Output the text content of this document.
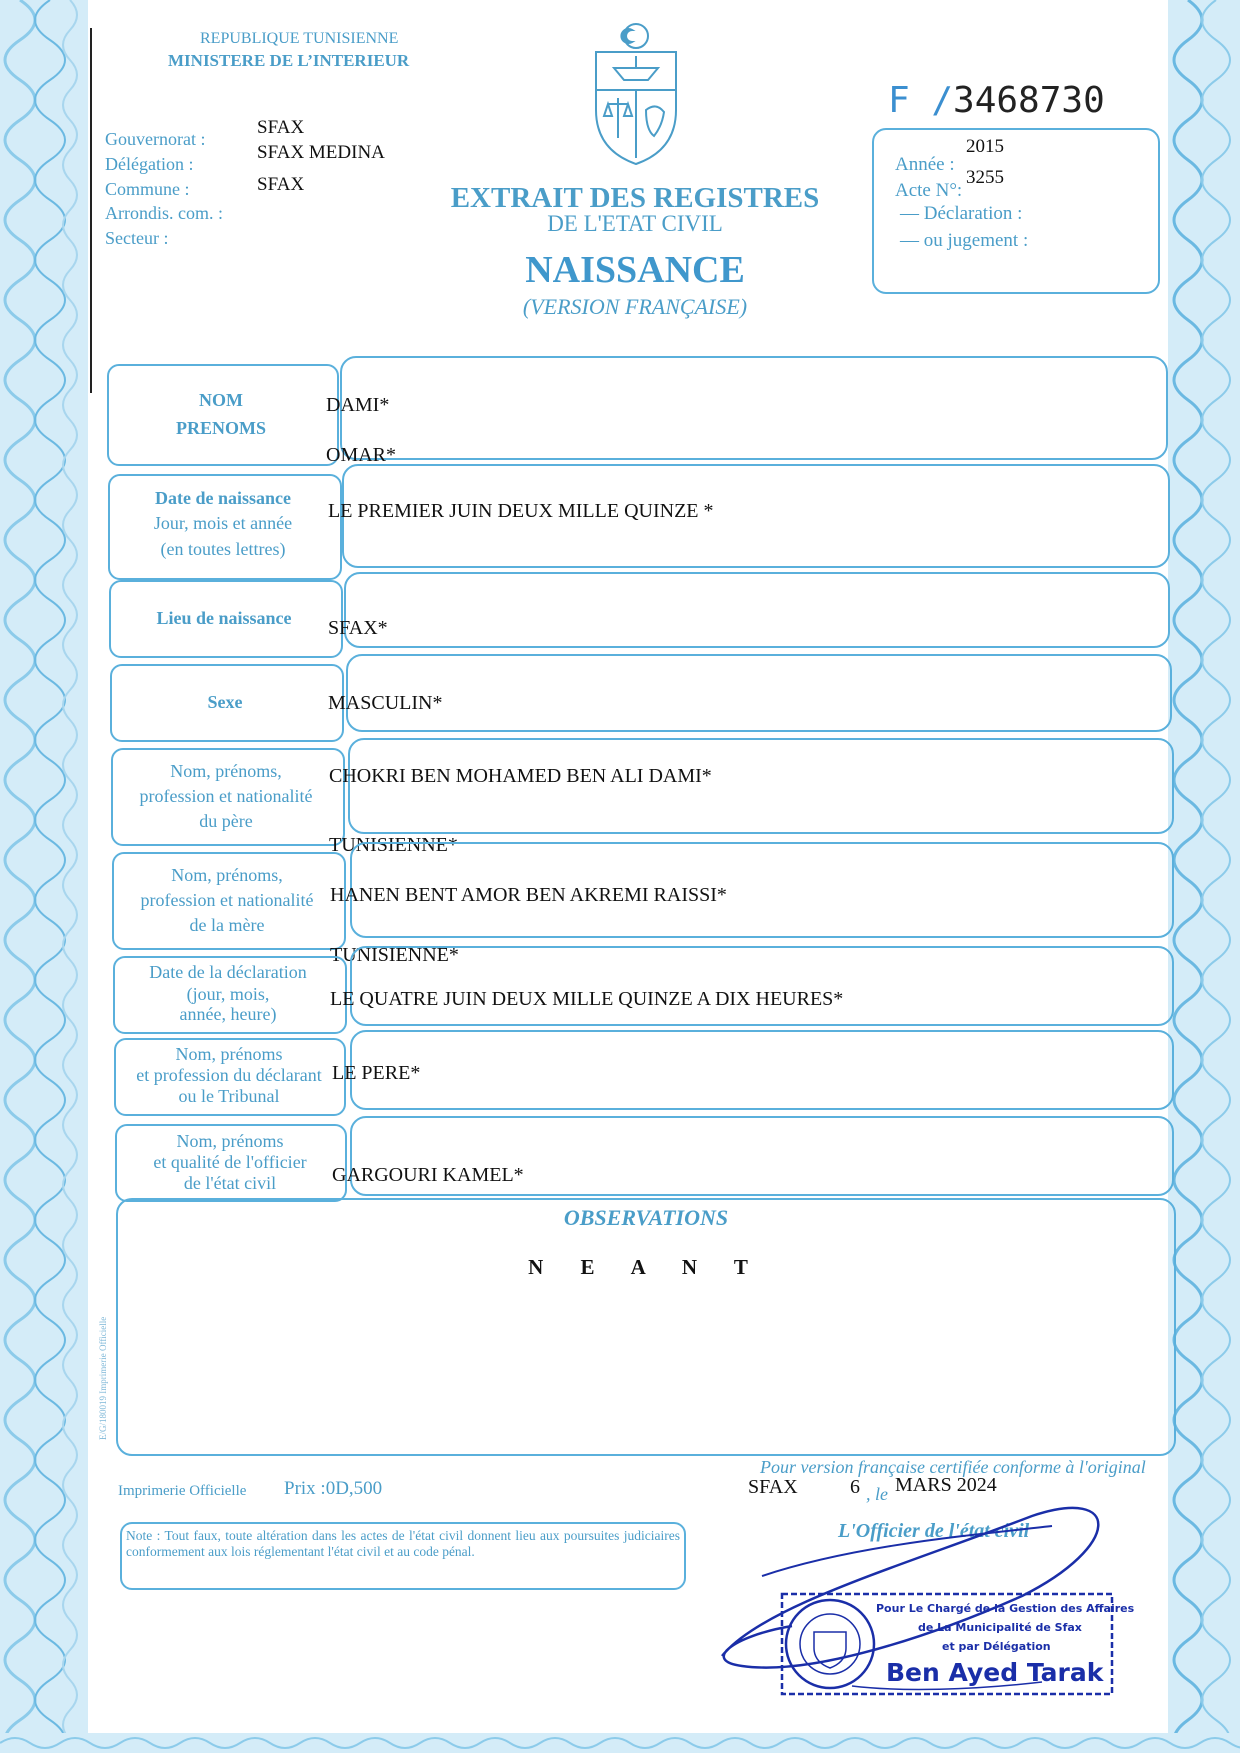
REPUBLIQUE TUNISIENNE
MINISTERE DE L’INTERIEUR
Gouvernorat :
SFAX
Délégation :
SFAX MEDINA
Commune :	SFAX
Arrondis. com. :
Secteur :
F /3468730
Année :
2015
Acte N°:
3255
— Déclaration :
— ou jugement :
EXTRAIT DES REGISTRES
DE L'ETAT CIVIL
NAISSANCE
(VERSION FRANÇAISE)
NOM
PRENOMS
DAMI*
OMAR*
Date de naissance
Jour, mois et année
(en toutes lettres)
LE PREMIER JUIN DEUX MILLE QUINZE *
Lieu de naissance	SFAX*
Sexe	MASCULIN*
Nom, prénoms,
profession et nationalité
du père
CHOKRI BEN MOHAMED BEN ALI DAMI*
TUNISIENNE*
Nom, prénoms,
profession et nationalité
de la mère
HANEN BENT AMOR BEN AKREMI RAISSI*
TUNISIENNE*
Date de la déclaration
(jour, mois,
année, heure)
LE QUATRE JUIN DEUX MILLE QUINZE A DIX HEURES*
Nom, prénoms
et profession du déclarant
ou le Tribunal
LE PERE*
Nom, prénoms
et qualité de l'officier
de l'état civil	GARGOURI KAMEL*
OBSERVATIONS
N E A N T
E/G/180019 Imprimerie Officielle
Imprimerie Officielle Prix :0D,500
Pour version française certifiée conforme à l'original
SFAX	6 , le MARS 2024
L'Officier de l'état civil
Note : Tout faux, toute altération dans les actes de l'état civil donnent lieu aux poursuites judiciaires conformement aux lois réglementant l'état civil et au code pénal.
Pour Le Chargé de la Gestion des Affaires
de La Municipalité de Sfax
et par Délégation
Ben Ayed Tarak
